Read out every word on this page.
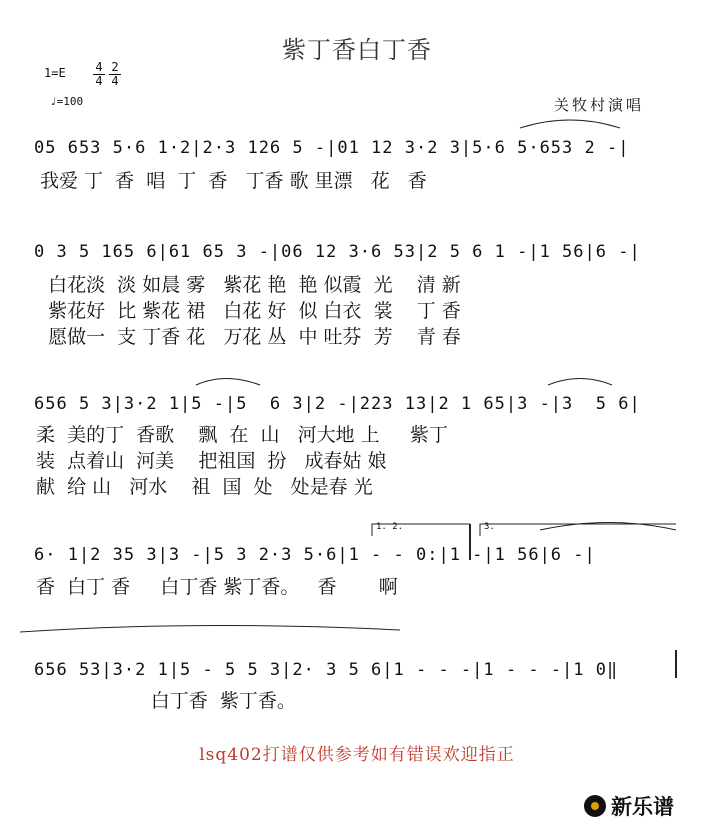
紫丁香白丁香
1=E 4
4
2
4
♩=100	关牧村演唱
05 653 5·6 1·2|2·3 126 5 -|01 12 3·2 3|5·6 5·653 2 -|
我爱 丁  香  唱  丁  香   丁香 歌 里漂   花   香
0 3 5 165 6|61 65 3 -|06 12 3·6 53|2 5 6 1 -|1 56|6 -|
白花淡  淡 如晨 雾   紫花 艳  艳 似霞  光    清 新
紫花好  比 紫花 裙   白花 好  似 白衣  裳    丁 香
愿做一  支 丁香 花   万花 丛  中 吐芬  芳    青 春
656 5 3|3·2 1|5 -|5  6 3|2 -|223 13|2 1 65|3 -|3  5 6|
柔  美的丁  香歌    飘  在  山   河大地 上     紫丁
装  点着山  河美    把祖国  扮   成春姑 娘
献  给 山   河水    祖  国  处   处是春 光
1. 2.	3.
6· 1|2 35 3|3 -|5 3 2·3 5·6|1 - - 0:|1 -|1 56|6 -|
香  白丁 香     白丁香 紫丁香。   香       啊
656 53|3·2 1|5 - 5 5 3|2· 3 5 6|1 - - -|1 - - -|1 0‖
白丁香  紫丁香。
lsq402打谱仅供参考如有错误欢迎指正
新乐谱
